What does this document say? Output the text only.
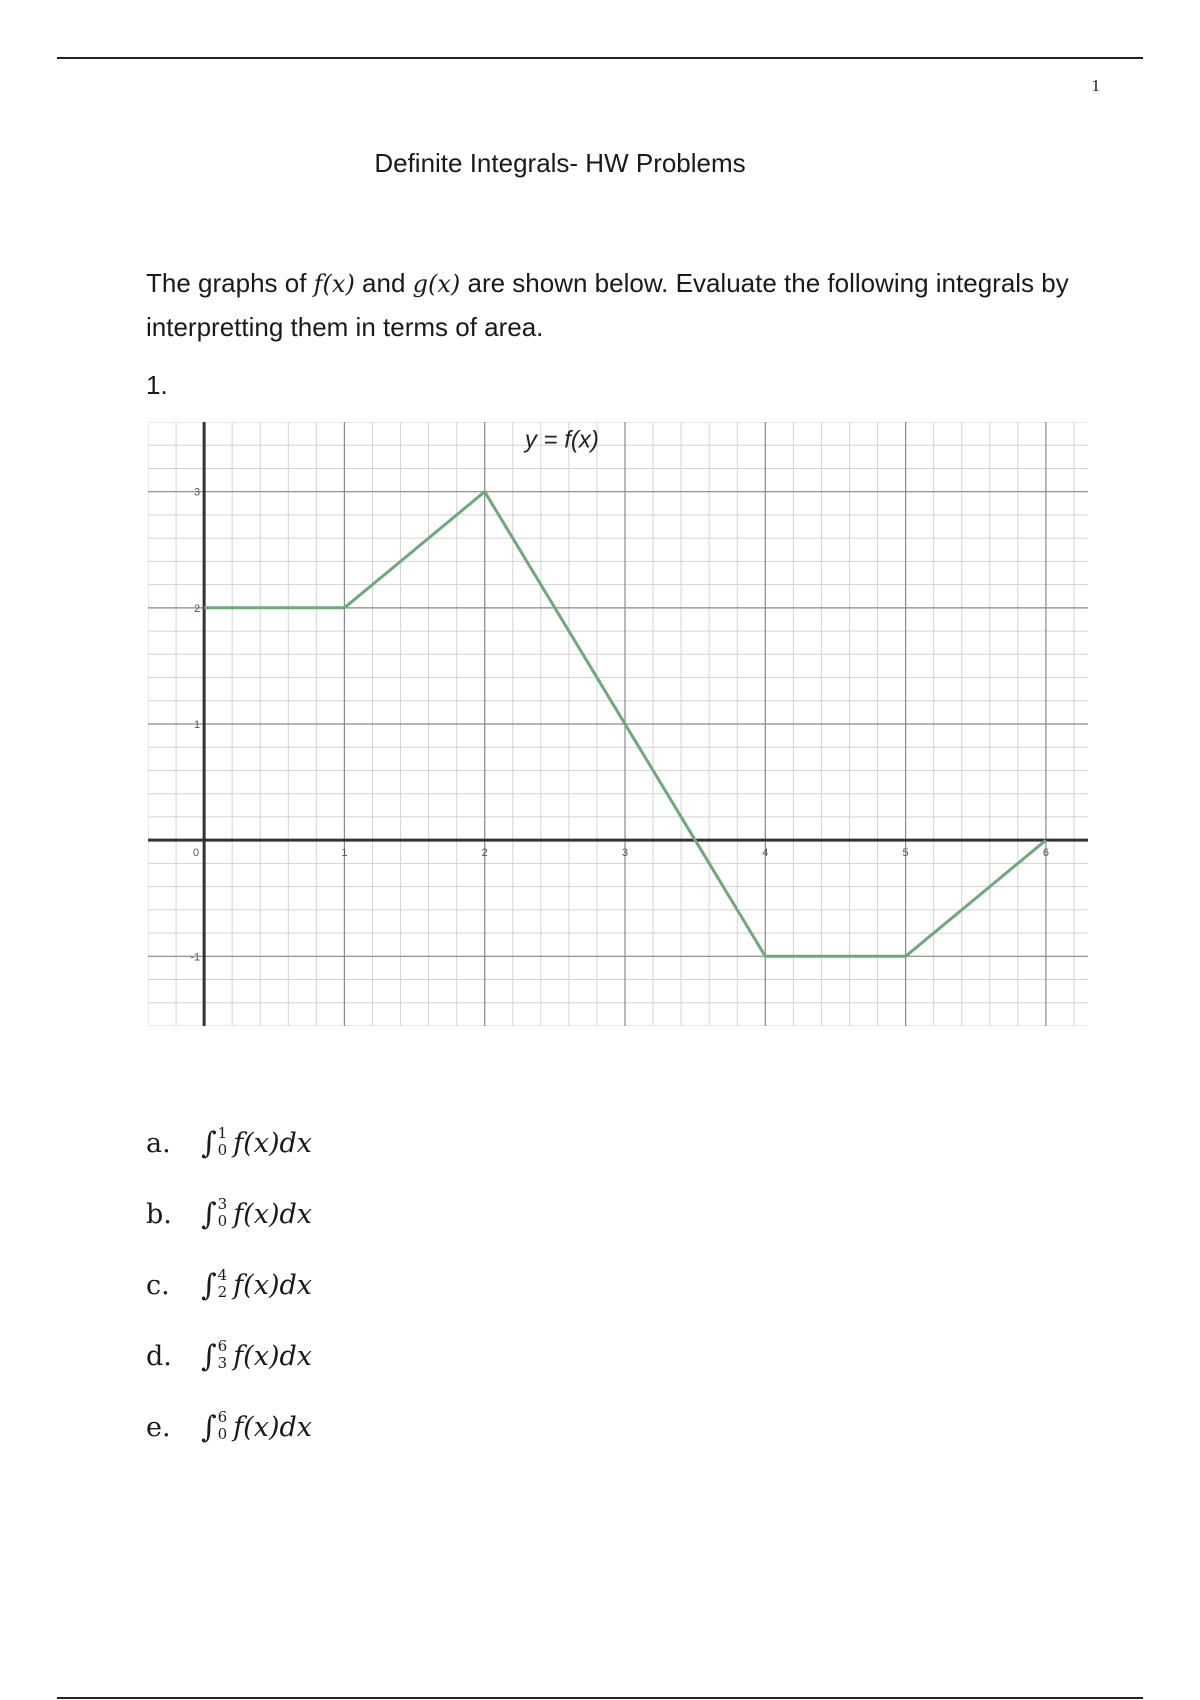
1
Definite Integrals- HW Problems

The graphs of f(x) and g(x) are shown below. Evaluate the following integrals by interpretting them in terms of area.

1.
0	1	2	3	4	5	6
-1
1
2
3
y = f(x)
a.	∫ 1
0 f(x)dx
b. ∫ 3
0 f(x)dx
c.	∫ 4
2 f(x)dx
d. ∫ 6
3 f(x)dx
e.	∫ 6
0 f(x)dx
